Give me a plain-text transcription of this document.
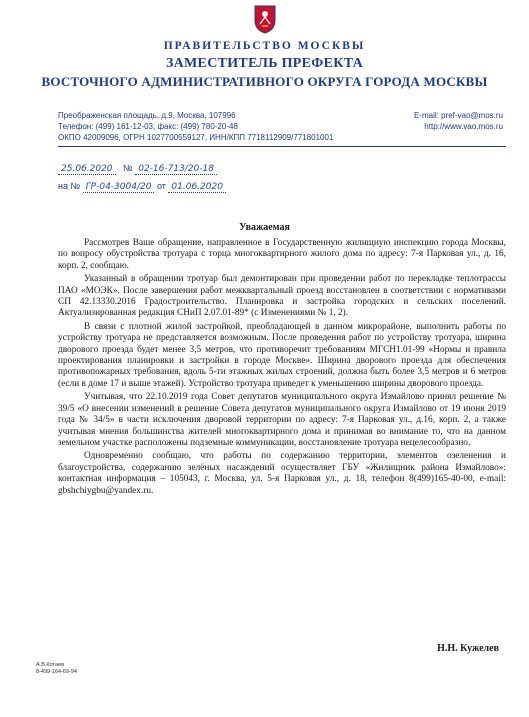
ПРАВИТЕЛЬСТВО МОСКВЫ
ЗАМЕСТИТЕЛЬ ПРЕФЕКТА
ВОСТОЧНОГО АДМИНИСТРАТИВНОГО ОКРУГА ГОРОДА МОСКВЫ
Преображенская площадь, д.9, Москва, 107996
Телефон: (499) 161-12-03, факс: (499) 780-20-48
ОКПО 42009096, ОГРН 1027700559127, ИНН/КПП 7718112909/771801001
E-mail: pref-vao@mos.ru
http://www.vao.mos.ru
25.06.2020 № 02-16-713/20-18
на № ГР-04-3004/20 от 01.06.2020
Уважаемая

Рассмотрев Ваше обращение, направленное в Государственную жилищную инспекцию города Москвы, по вопросу обустройства тротуара с торца многоквартирного жилого дома по адресу: 7-я Парковая ул., д. 16, корп. 2, сообщаю.

Указанный в обращении тротуар был демонтирован при проведении работ по перекладке теплотрассы ПАО «МОЭК». После завершения работ межквартальный проезд восстановлен в соответствии с нормативами СП 42.13330.2016 Градостроительство. Планировка и застройка городских и сельских поселений. Актуализированная редакция СНиП 2.07.01-89* (с Изменениями № 1, 2).

В связи с плотной жилой застройкой, преобладающей в данном микрорайоне, выполнить работы по устройству тротуара не представляется возможным. После проведения работ по устройству тротуара, ширина дворового проезда будет менее 3,5 метров, что противоречит требованиям МГСН1.01-99 «Нормы и правила проектирования планировки и застройки в городе Москве». Ширина дворового проезда для обеспечения противопожарных требования, вдоль 5-ти этажных жилых строений, должна быть более 3,5 метров и 6 метров (если в доме 17 и выше этажей). Устройство тротуара приведет к уменьшению ширины дворового проезда.

Учитывая, что 22.10.2019 года Совет депутатов муниципального округа Измайлово принял решение № 39/5 «О внесении изменений в решение Совета депутатов муниципального округа Измайлово от 19 июня 2019 года № 34/5» в части исключения дворовой территории по адресу: 7-я Парковая ул., д.16, корп. 2, а также учитывая мнения большинства жителей многоквартирного дома и принимая во внимание то, что на данном земельном участке расположены подземные коммуникации, восстановление тротуара нецелесообразно.

Одновременно сообщаю, что работы по содержанию территории, элементов озеленения и благоустройства, содержанию зелёных насаждений осуществляет ГБУ «Жилищник района Измайлово»: контактная информация – 105043, г. Москва, ул. 5-я Парковая ул., д. 18, телефон 8(499)165-40-00, e-mail: gbshchiygbu@yandex.ru.

Н.Н. Кужелев
А.В.Котаев
8-499-164-69-94
